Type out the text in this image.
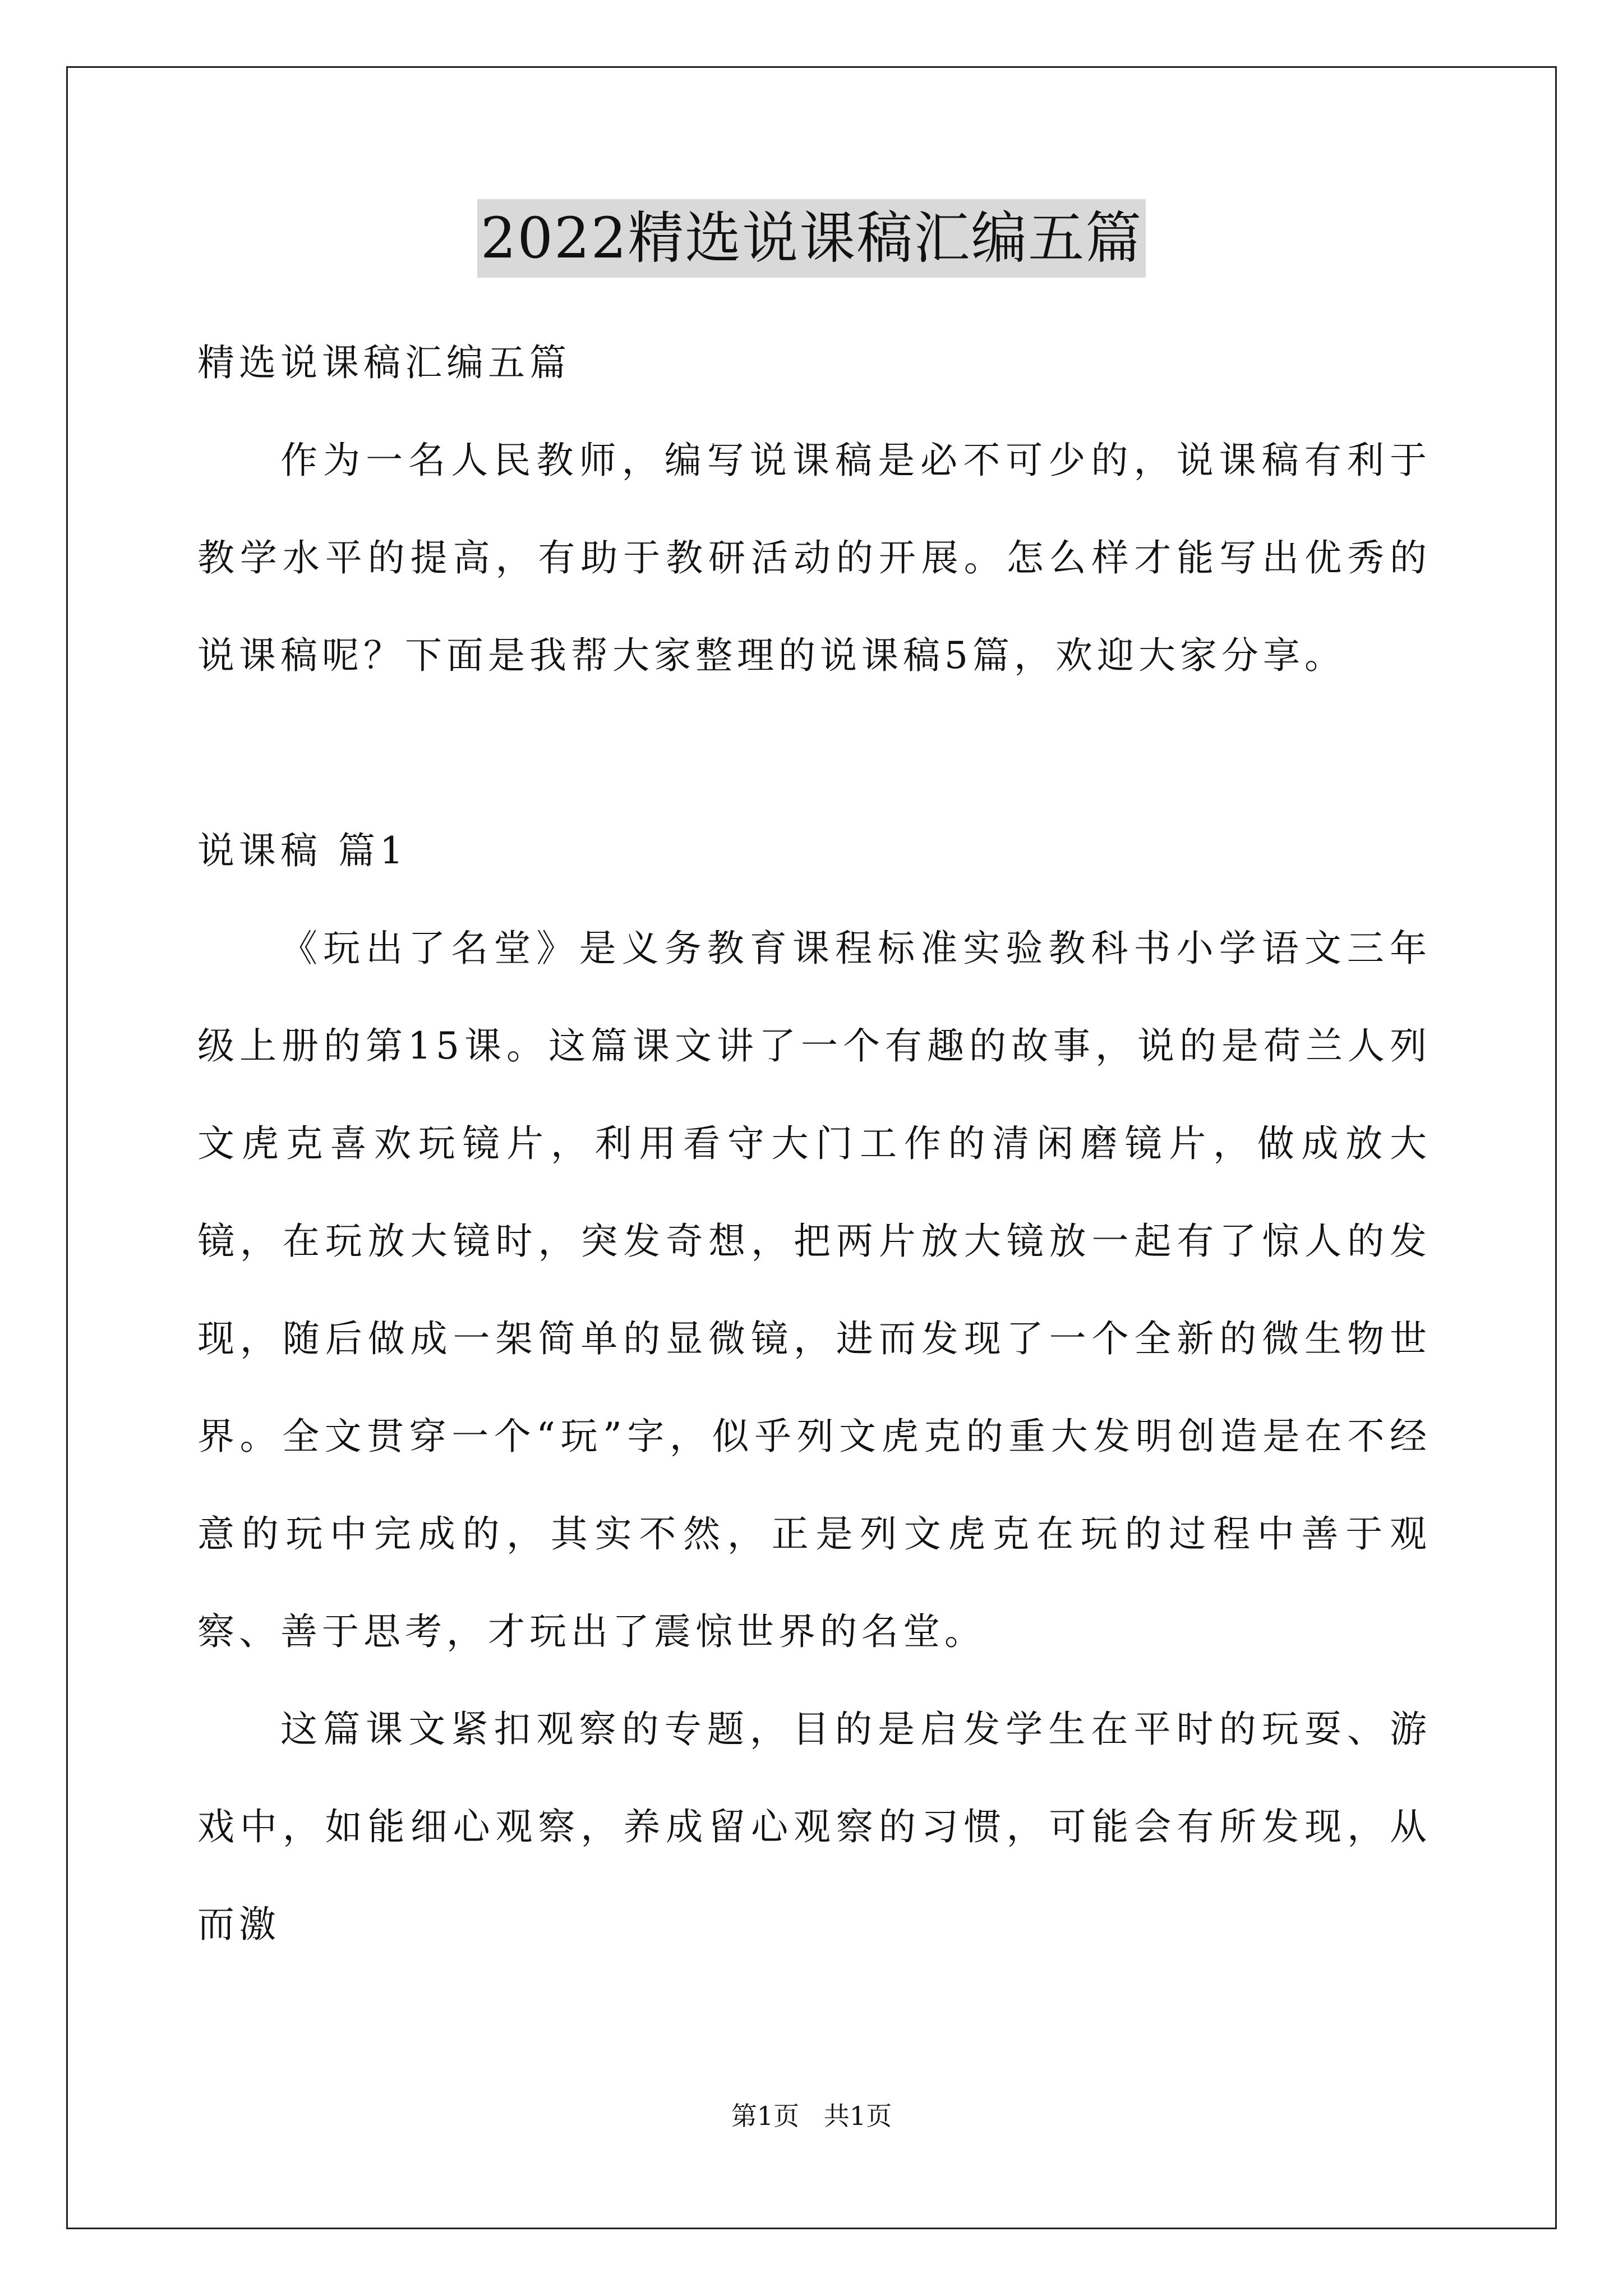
2022精选说课稿汇编五篇

精选说课稿汇编五篇

作为一名人民教师，编写说课稿是必不可少的，说课稿有利于教学水平的提高，有助于教研活动的开展。怎么样才能写出优秀的说课稿呢？下面是我帮大家整理的说课稿5篇，欢迎大家分享。

说课稿 篇1

《玩出了名堂》是义务教育课程标准实验教科书小学语文三年级上册的第15课。这篇课文讲了一个有趣的故事，说的是荷兰人列文虎克喜欢玩镜片，利用看守大门工作的清闲磨镜片，做成放大镜，在玩放大镜时，突发奇想，把两片放大镜放一起有了惊人的发现，随后做成一架简单的显微镜，进而发现了一个全新的微生物世界。全文贯穿一个“玩”字，似乎列文虎克的重大发明创造是在不经意的玩中完成的，其实不然，正是列文虎克在玩的过程中善于观察、善于思考，才玩出了震惊世界的名堂。

这篇课文紧扣观察的专题，目的是启发学生在平时的玩耍、游戏中，如能细心观察，养成留心观察的习惯，可能会有所发现，从而激

第1页   共1页
